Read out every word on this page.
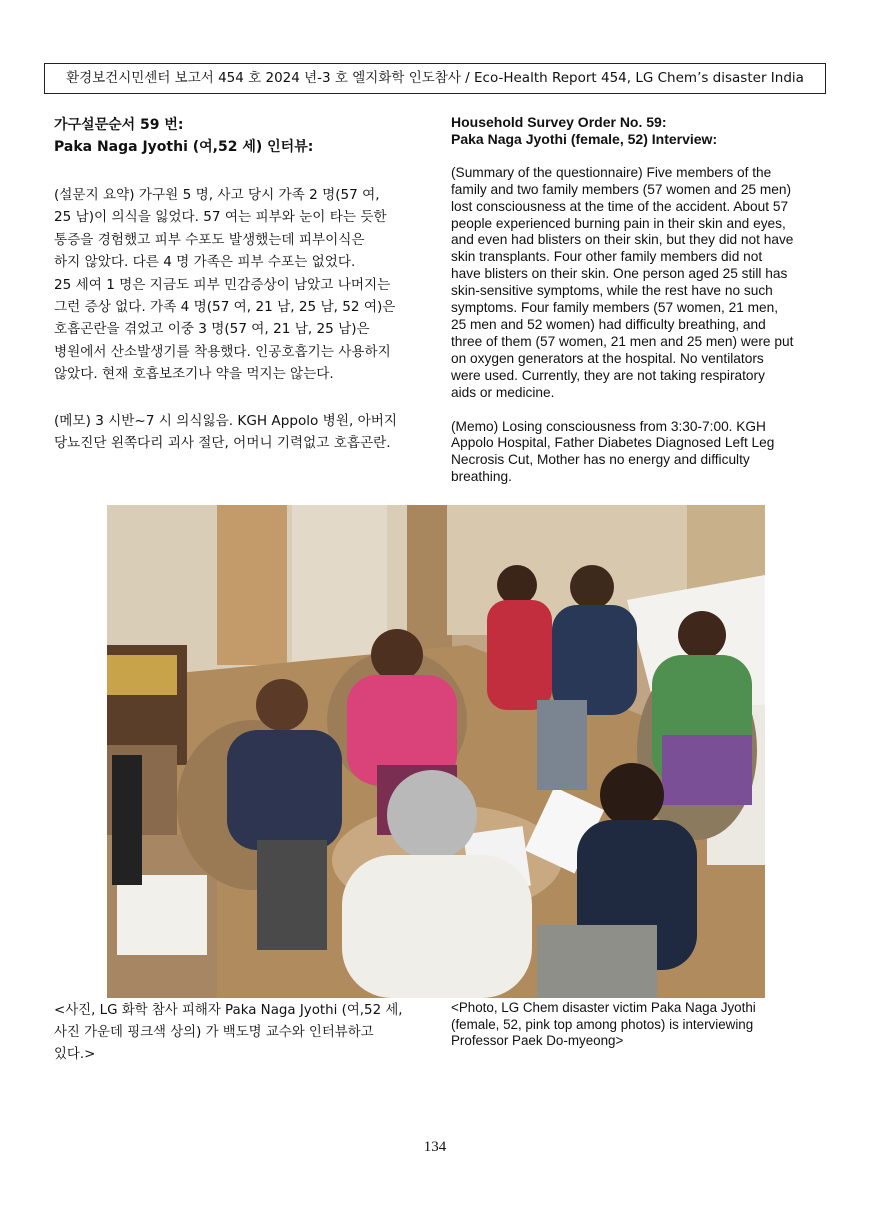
환경보건시민센터 보고서 454 호 2024 년-3 호 엘지화학 인도참사 / Eco-Health Report 454, LG Chem’s disaster India
가구설문순서 59 번:
Paka Naga Jyothi (여,52 세) 인터뷰:

(설문지 요약) 가구원 5 명, 사고 당시 가족 2 명(57 여,

25 남)이 의식을 잃었다. 57 여는 피부와 눈이 타는 듯한

통증을 경험했고 피부 수포도 발생했는데 피부이식은

하지 않았다. 다른 4 명 가족은 피부 수포는 없었다.

25 세여 1 명은 지금도 피부 민감증상이 남았고 나머지는

그런 증상 없다. 가족 4 명(57 여, 21 남, 25 남, 52 여)은

호흡곤란을 겪었고 이중 3 명(57 여, 21 남, 25 남)은

병원에서 산소발생기를 착용했다. 인공호흡기는 사용하지

않았다. 현재 호흡보조기나 약을 먹지는 않는다.

(메모) 3 시반~7 시 의식잃음. KGH Appolo 병원, 아버지

당뇨진단 왼쪽다리 괴사 절단, 어머니 기력없고 호흡곤란.

Household Survey Order No. 59:
Paka Naga Jyothi (female, 52) Interview:

(Summary of the questionnaire) Five members of the

family and two family members (57 women and 25 men)

lost consciousness at the time of the accident. About 57

people experienced burning pain in their skin and eyes,

and even had blisters on their skin, but they did not have

skin transplants. Four other family members did not

have blisters on their skin. One person aged 25 still has

skin-sensitive symptoms, while the rest have no such

symptoms. Four family members (57 women, 21 men,

25 men and 52 women) had difficulty breathing, and

three of them (57 women, 21 men and 25 men) were put

on oxygen generators at the hospital. No ventilators

were used. Currently, they are not taking respiratory

aids or medicine.

(Memo) Losing consciousness from 3:30-7:00. KGH

Appolo Hospital, Father Diabetes Diagnosed Left Leg

Necrosis Cut, Mother has no energy and difficulty

breathing.

<사진, LG 화학 참사 피해자 Paka Naga Jyothi (여,52 세,

사진 가운데 핑크색 상의) 가 백도명 교수와 인터뷰하고

있다.>

<Photo, LG Chem disaster victim Paka Naga Jyothi

(female, 52, pink top among photos) is interviewing

Professor Paek Do-myeong>

134
